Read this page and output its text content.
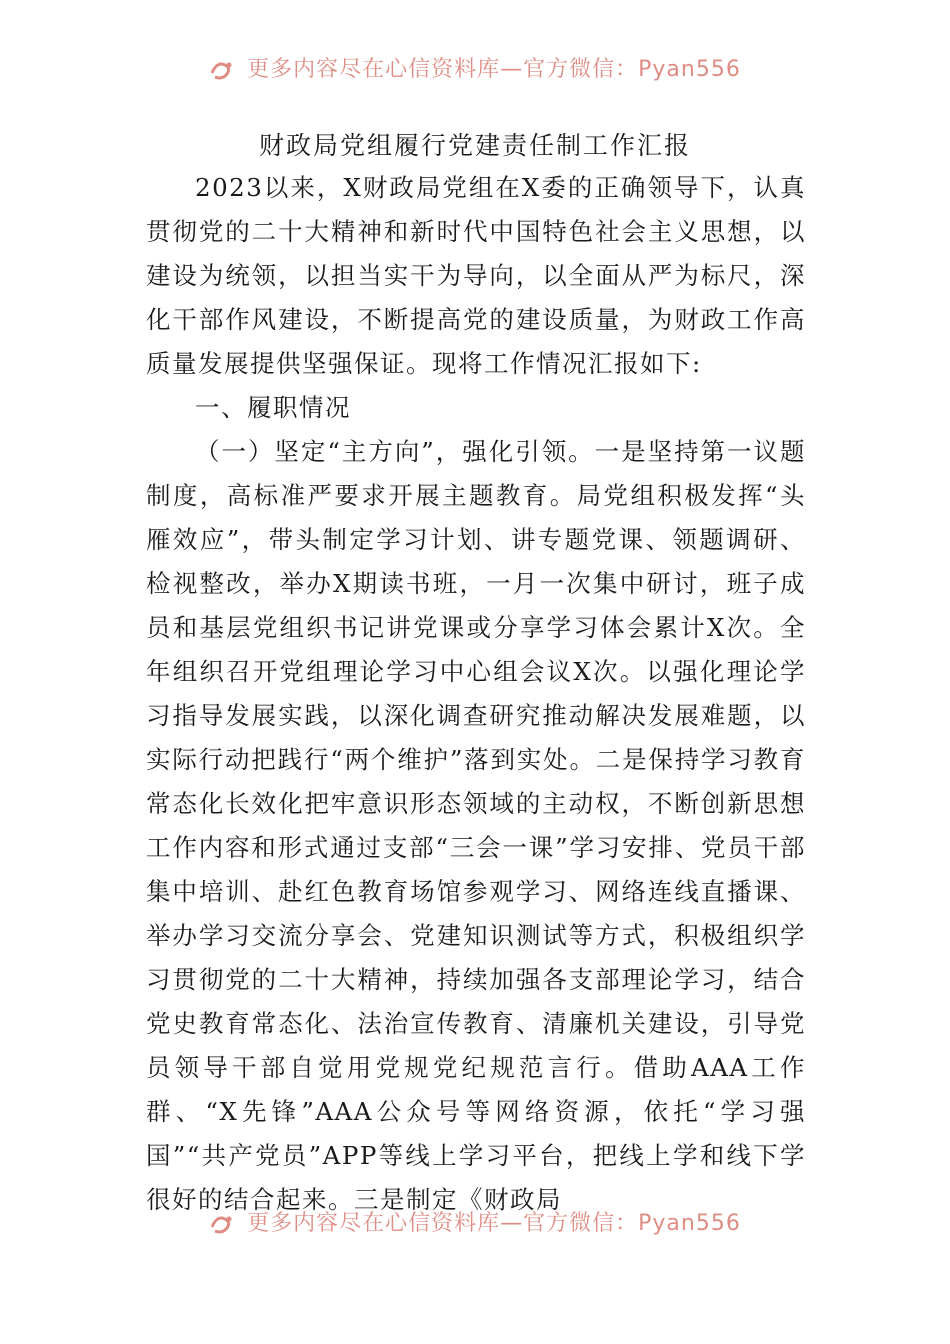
更多内容尽在心信资料库—官方微信：Pyan556
财政局党组履行党建责任制工作汇报

2023以来，X财政局党组在X委的正确领导下，认真贯彻党的二十大精神和新时代中国特色社会主义思想，以建设为统领，以担当实干为导向，以全面从严为标尺，深化干部作风建设，不断提高党的建设质量，为财政工作高质量发展提供坚强保证。现将工作情况汇报如下:

一、履职情况

（一）坚定“主方向”，强化引领。一是坚持第一议题制度，高标准严要求开展主题教育。局党组积极发挥“头雁效应”，带头制定学习计划、讲专题党课、领题调研、检视整改，举办X期读书班，一月一次集中研讨，班子成员和基层党组织书记讲党课或分享学习体会累计X次。全年组织召开党组理论学习中心组会议X次。以强化理论学习指导发展实践，以深化调查研究推动解决发展难题，以实际行动把践行“两个维护”落到实处。二是保持学习教育常态化长效化把牢意识形态领域的主动权，不断创新思想工作内容和形式通过支部“三会一课”学习安排、党员干部集中培训、赴红色教育场馆参观学习、网络连线直播课、举办学习交流分享会、党建知识测试等方式，积极组织学习贯彻党的二十大精神，持续加强各支部理论学习，结合党史教育常态化、法治宣传教育、清廉机关建设，引导党员领导干部自觉用党规党纪规范言行。借助AAA工作群、“X先锋”AAA公众号等网络资源，依托“学习强国”“共产党员”APP等线上学习平台，把线上学和线下学很好的结合起来。三是制定《财政局

更多内容尽在心信资料库—官方微信：Pyan556
